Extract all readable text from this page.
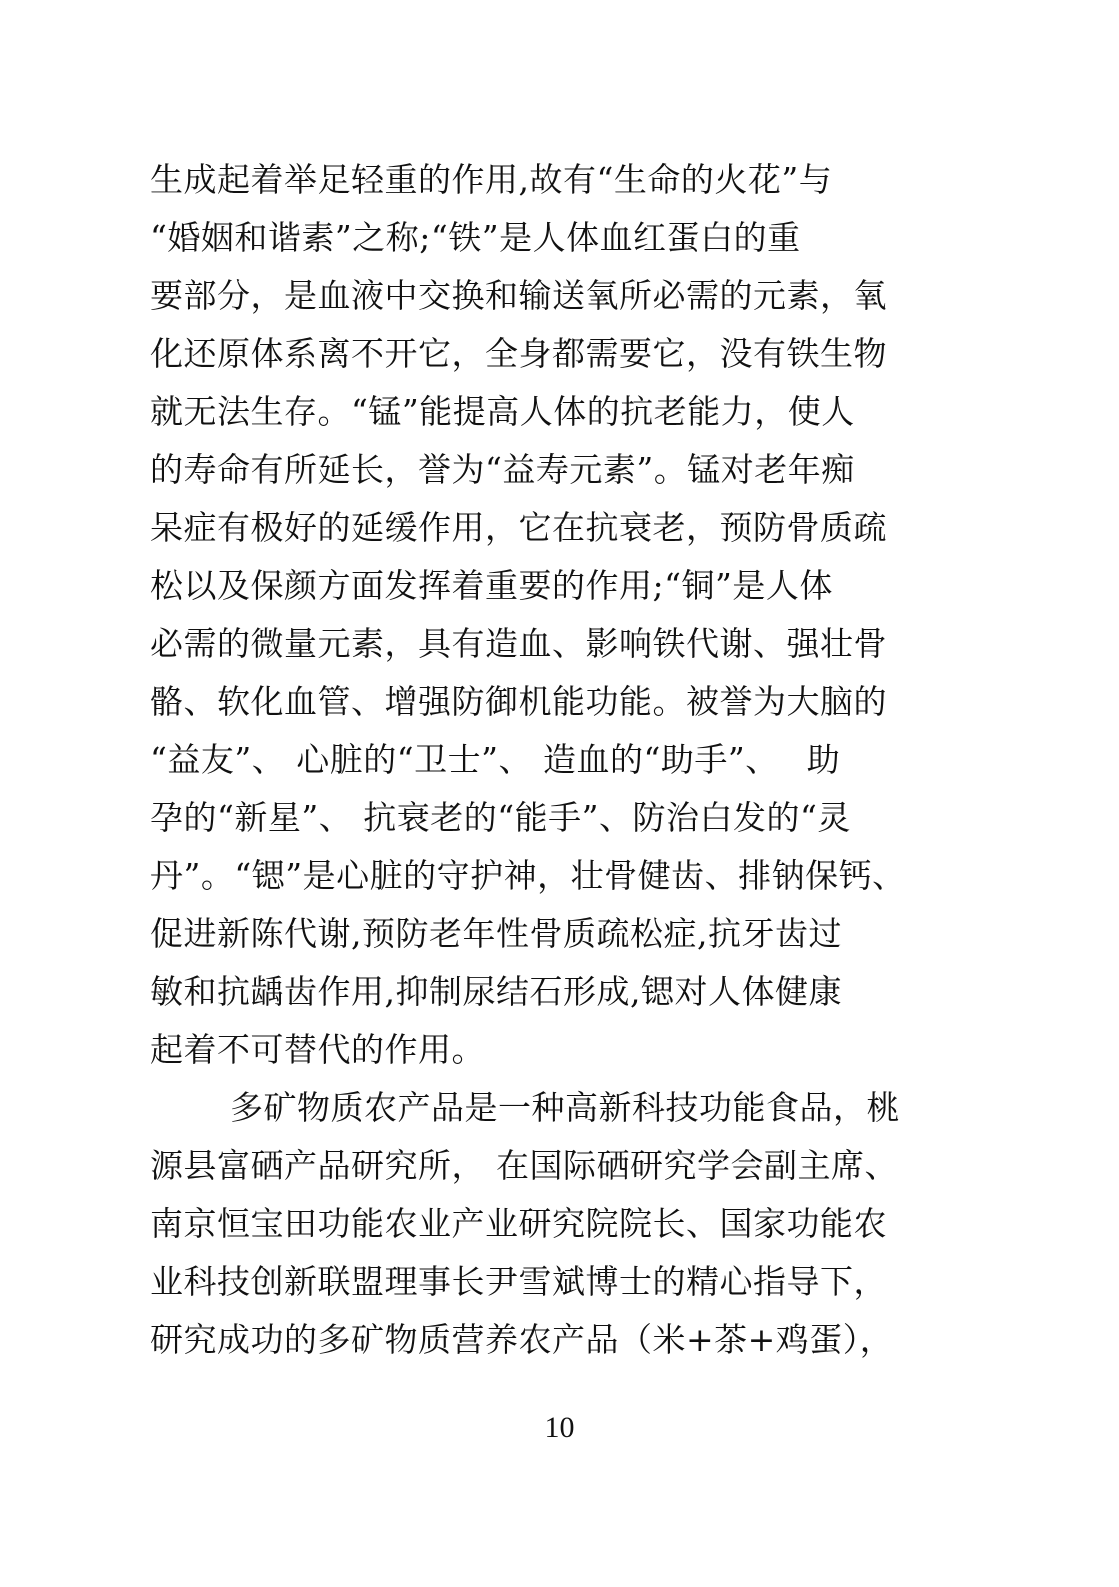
生成起着举足轻重的作用,故有“生命的火花”与
“婚姻和谐素”之称;“铁”是人体血红蛋白的重
要部分，是血液中交换和输送氧所必需的元素，氧
化还原体系离不开它，全身都需要它，没有铁生物
就无法生存。“锰”能提高人体的抗老能力，使人
的寿命有所延长，誉为“益寿元素”。锰对老年痴
呆症有极好的延缓作用，它在抗衰老，预防骨质疏
松以及保颜方面发挥着重要的作用;“铜”是人体
必需的微量元素，具有造血、影响铁代谢、强壮骨
骼、软化血管、增强防御机能功能。被誉为大脑的
“益友”、 心脏的“卫士”、 造血的“助手”、　 助
孕的“新星”、 抗衰老的“能手”、防治白发的“灵
丹”。“锶”是心脏的守护神，壮骨健齿、排钠保钙、
促进新陈代谢,预防老年性骨质疏松症,抗牙齿过
敏和抗龋齿作用,抑制尿结石形成,锶对人体健康
起着不可替代的作用。
多矿物质农产品是一种高新科技功能食品，桃
源县富硒产品研究所， 在国际硒研究学会副主席、
南京恒宝田功能农业产业研究院院长、国家功能农
业科技创新联盟理事长尹雪斌博士的精心指导下，
研究成功的多矿物质营养农产品（米+茶+鸡蛋），
10
